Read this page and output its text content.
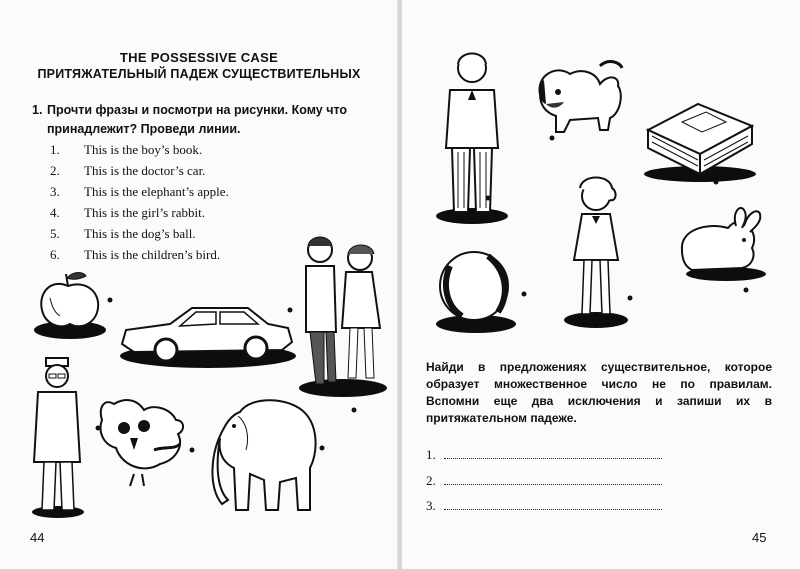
THE POSSESSIVE CASE
ПРИТЯЖАТЕЛЬНЫЙ ПАДЕЖ СУЩЕСТВИТЕЛЬНЫХ
1. Прочти фразы и посмотри на рисунки. Кому что принадлежит? Проведи линии.
1. This is the boy’s book.
2. This is the doctor’s car.
3. This is the elephant’s apple.
4. This is the girl’s rabbit.
5. This is the dog’s ball.
6. This is the children’s bird.
44
Найди в предложениях существительное, которое образует множественное число не по правилам. Вспомни еще два исключения и запиши их в притяжательном падеже.
1.
2.
3.
45
